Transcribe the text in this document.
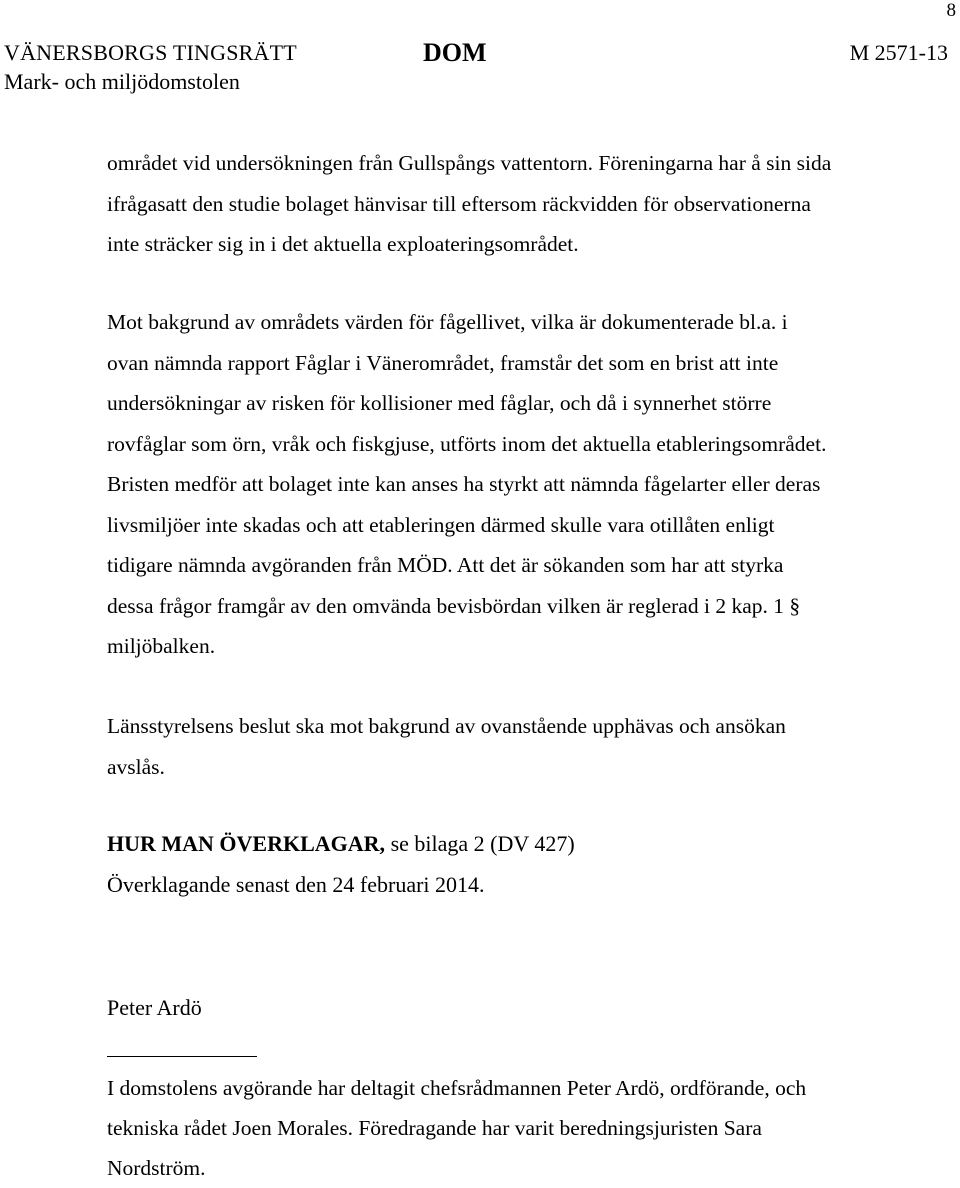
8
VÄNERSBORGS TINGSRÄTT
Mark- och miljödomstolen
DOM	M 2571-13
området vid undersökningen från Gullspångs vattentorn. Föreningarna har å sin sida
ifrågasatt den studie bolaget hänvisar till eftersom räckvidden för observationerna
inte sträcker sig in i det aktuella exploateringsområdet.
Mot bakgrund av områdets värden för fågellivet, vilka är dokumenterade bl.a. i
ovan nämnda rapport Fåglar i Vänerområdet, framstår det som en brist att inte
undersökningar av risken för kollisioner med fåglar, och då i synnerhet större
rovfåglar som örn, vråk och fiskgjuse, utförts inom det aktuella etableringsområdet.
Bristen medför att bolaget inte kan anses ha styrkt att nämnda fågelarter eller deras
livsmiljöer inte skadas och att etableringen därmed skulle vara otillåten enligt
tidigare nämnda avgöranden från MÖD. Att det är sökanden som har att styrka
dessa frågor framgår av den omvända bevisbördan vilken är reglerad i 2 kap. 1 §
miljöbalken.
Länsstyrelsens beslut ska mot bakgrund av ovanstående upphävas och ansökan
avslås.
HUR MAN ÖVERKLAGAR, se bilaga 2 (DV 427)
Överklagande senast den 24 februari 2014.
Peter Ardö
I domstolens avgörande har deltagit chefsrådmannen Peter Ardö, ordförande, och
tekniska rådet Joen Morales. Föredragande har varit beredningsjuristen Sara
Nordström.
